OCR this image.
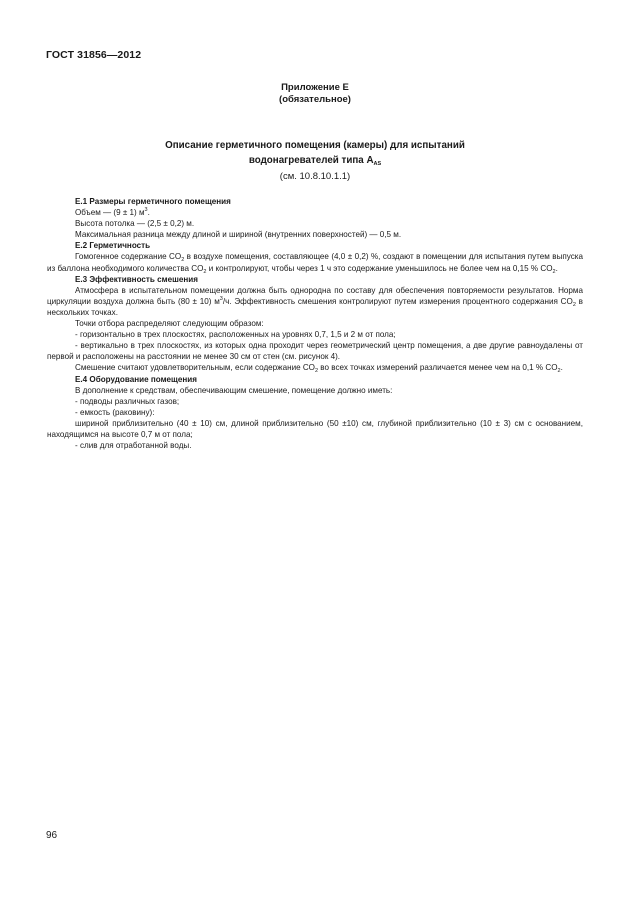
ГОСТ 31856—2012
Приложение Е
(обязательное)
Описание герметичного помещения (камеры) для испытаний
водонагревателей типа $A_{AS}$
(см. 10.8.10.1.1)

Е.1 Размеры герметичного помещения

Объем — (9 ± 1) $м^3$.

Высота потолка — (2,5 ± 0,2) м.

Максимальная разница между длиной и шириной (внутренних поверхностей) — 0,5 м.

Е.2 Герметичность

Гомогенное содержание $CO_2$ в воздухе помещения, составляющее (4,0 ± 0,2) %, создают в помещении для испытания путем выпуска из баллона необходимого количества $CO_2$ и контролируют, чтобы через 1 ч это содержание уменьшилось не более чем на 0,15 % $CO_2$.

Е.3 Эффективность смешения

Атмосфера в испытательном помещении должна быть однородна по составу для обеспечения повторяемости результатов. Норма циркуляции воздуха должна быть (80 ± 10) $м^3/ч$. Эффективность смешения контролируют путем измерения процентного содержания $CO_2$ в нескольких точках.

Точки отбора распределяют следующим образом:

- горизонтально в трех плоскостях, расположенных на уровнях 0,7, 1,5 и 2 м от пола;

- вертикально в трех плоскостях, из которых одна проходит через геометрический центр помещения, а две другие равноудалены от первой и расположены на расстоянии не менее 30 см от стен (см. рисунок 4).

Смешение считают удовлетворительным, если содержание $CO_2$ во всех точках измерений различается менее чем на 0,1 % $CO_2$.

Е.4 Оборудование помещения

В дополнение к средствам, обеспечивающим смешение, помещение должно иметь:

- подводы различных газов;

- емкость (раковину):

шириной приблизительно (40 ± 10) см, длиной приблизительно (50 ±10) см, глубиной приблизительно (10 ± 3) см с основанием, находящимся на высоте 0,7 м от пола;

- слив для отработанной воды.

96
